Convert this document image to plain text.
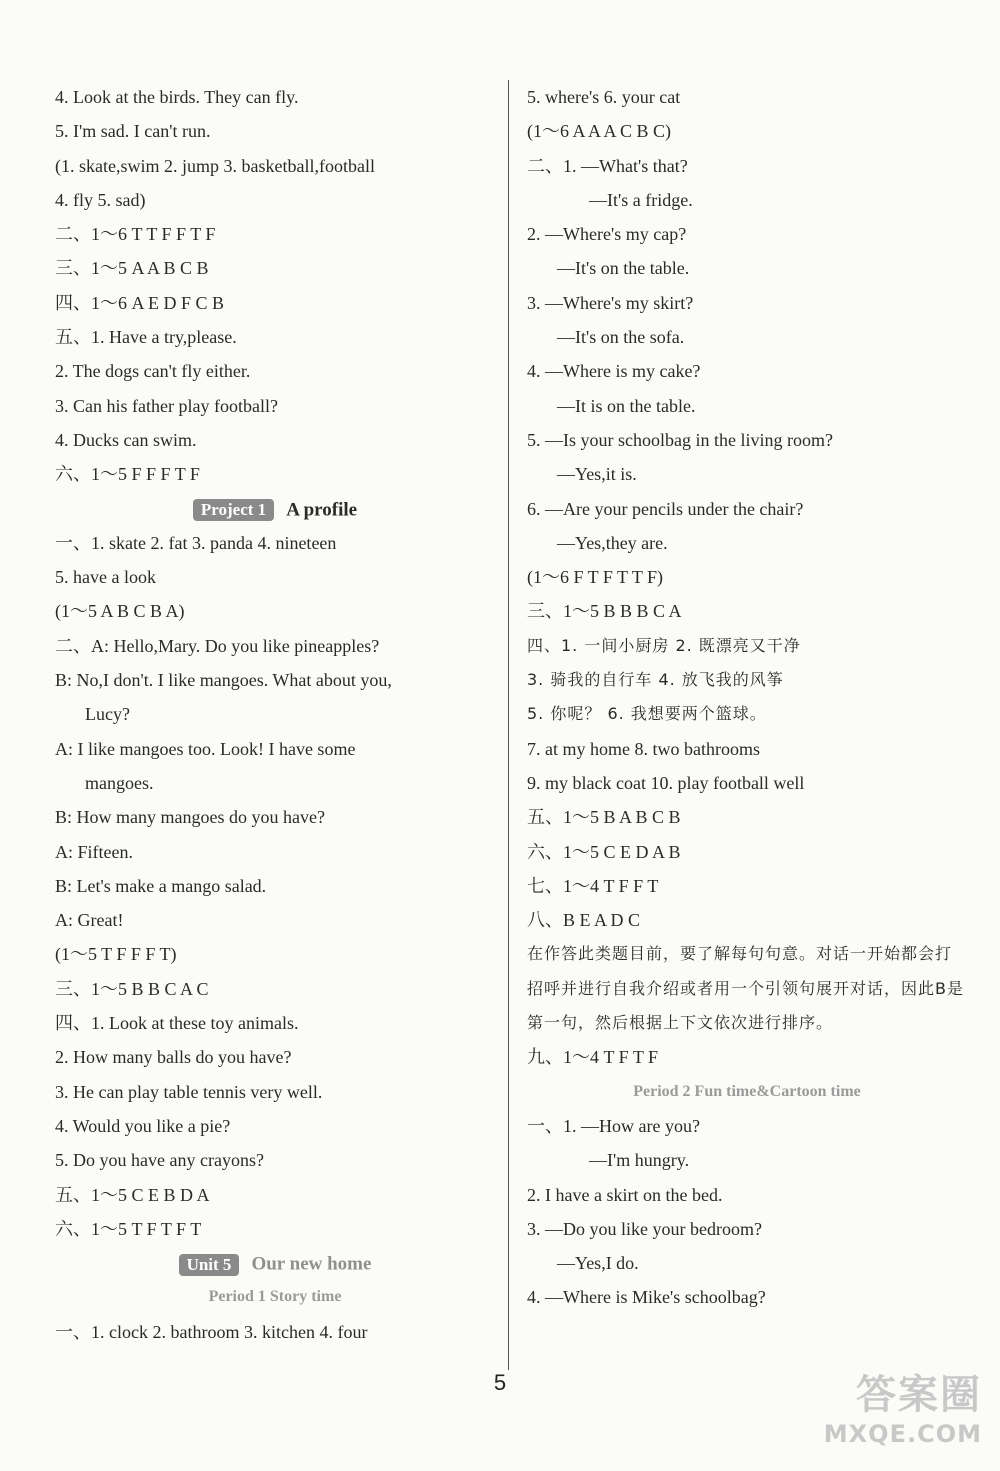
4. Look at the birds. They can fly.
5. I'm sad. I can't run.
(1. skate,swim 2. jump 3. basketball,football
4. fly 5. sad)
二、1～6 T T F F T F
三、1～5 A A B C B
四、1～6 A E D F C B
五、1. Have a try,please.
2. The dogs can't fly either.
3. Can his father play football?
4. Ducks can swim.
六、1～5 F F F T F
Project 1 A profile
一、1. skate 2. fat 3. panda 4. nineteen
5. have a look
(1～5 A B C B A)
二、A: Hello,Mary. Do you like pineapples?
B: No,I don't. I like mangoes. What about you,
Lucy?
A: I like mangoes too. Look! I have some
mangoes.
B: How many mangoes do you have?
A: Fifteen.
B: Let's make a mango salad.
A: Great!
(1～5 T F F F T)
三、1～5 B B C A C
四、1. Look at these toy animals.
2. How many balls do you have?
3. He can play table tennis very well.
4. Would you like a pie?
5. Do you have any crayons?
五、1～5 C E B D A
六、1～5 T F T F T
Unit 5 Our new home
Period 1 Story time
一、1. clock 2. bathroom 3. kitchen 4. four
5. where's 6. your cat
(1～6 A A A C B C)
二、1. —What's that?
—It's a fridge.
2. —Where's my cap?
—It's on the table.
3. —Where's my skirt?
—It's on the sofa.
4. —Where is my cake?
—It is on the table.
5. —Is your schoolbag in the living room?
—Yes,it is.
6. —Are your pencils under the chair?
—Yes,they are.
(1～6 F T F T T F)
三、1～5 B B B C A
四、1. 一间小厨房 2. 既漂亮又干净
3. 骑我的自行车 4. 放飞我的风筝
5. 你呢？ 6. 我想要两个篮球。
7. at my home 8. two bathrooms
9. my black coat 10. play football well
五、1～5 B A B C B
六、1～5 C E D A B
七、1～4 T F F T
八、B E A D C
在作答此类题目前，要了解每句句意。对话一开始都会打招呼并进行自我介绍或者用一个引领句展开对话，因此B是第一句，然后根据上下文依次进行排序。
九、1～4 T F T F
Period 2 Fun time&Cartoon time
一、1. —How are you?
—I'm hungry.
2. I have a skirt on the bed.
3. —Do you like your bedroom?
—Yes,I do.
4. —Where is Mike's schoolbag?
5	答案圈
MXQE.COM
